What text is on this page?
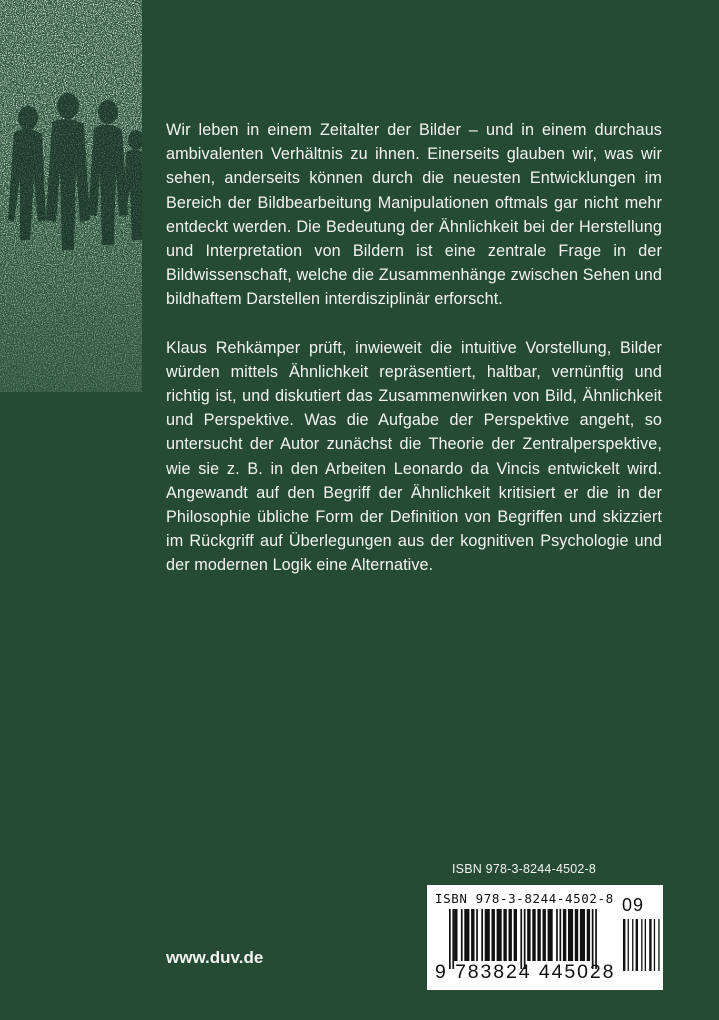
Wir leben in einem Zeitalter der Bilder – und in einem durchaus ambivalenten Verhältnis zu ihnen. Einerseits glauben wir, was wir sehen, anderseits können durch die neuesten Entwicklungen im Bereich der Bildbearbeitung Manipulationen oftmals gar nicht mehr entdeckt werden. Die Bedeutung der Ähnlichkeit bei der Herstellung und Interpretation von Bildern ist eine zentrale Frage in der Bildwissenschaft, welche die Zusammenhänge zwischen Sehen und bildhaftem Darstellen interdisziplinär erforscht.

Klaus Rehkämper prüft, inwieweit die intuitive Vorstellung, Bilder würden mittels Ähnlichkeit repräsentiert, haltbar, vernünftig und richtig ist, und diskutiert das Zusammenwirken von Bild, Ähnlichkeit und Perspektive. Was die Aufgabe der Perspektive angeht, so untersucht der Autor zunächst die Theorie der Zentralperspektive, wie sie z. B. in den Arbeiten Leonardo da Vincis entwickelt wird. Angewandt auf den Begriff der Ähnlichkeit kritisiert er die in der Philosophie übliche Form der Definition von Begriffen und skizziert im Rückgriff auf Überlegungen aus der kognitiven Psychologie und der modernen Logik eine Alternative.

ISBN 978-3-8244-4502-8
ISBN 978-3-8244-4502-8 09
9 783824 445028
www.duv.de
